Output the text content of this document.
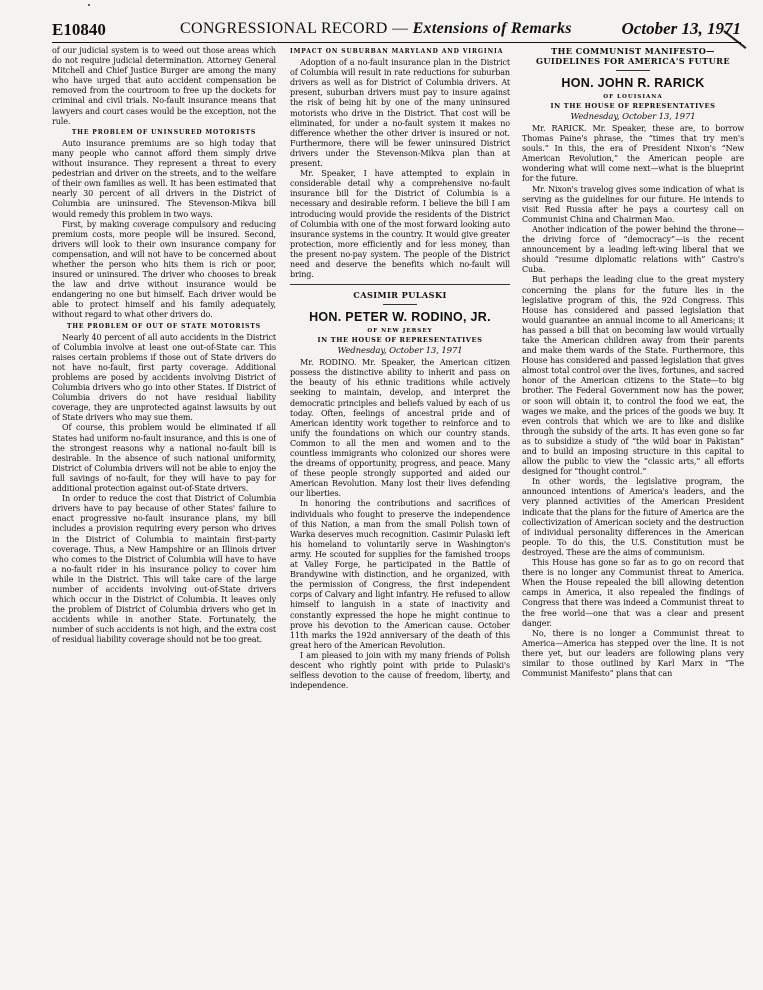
E10840	CONGRESSIONAL RECORD — Extensions of Remarks	October 13, 1971

of our judicial system is to weed out those areas which do not require judicial determination. Attorney General Mitchell and Chief Justice Burger are among the many who have urged that auto accident compensation be removed from the courtroom to free up the dockets for criminal and civil trials. No-fault insurance means that lawyers and court cases would be the exception, not the rule.

THE PROBLEM OF UNINSURED MOTORISTS

Auto insurance premiums are so high today that many people who cannot afford them simply drive without insurance. They represent a threat to every pedestrian and driver on the streets, and to the welfare of their own families as well. It has been estimated that nearly 30 percent of all drivers in the District of Columbia are uninsured. The Stevenson-Mikva bill would remedy this problem in two ways.

First, by making coverage compulsory and reducing premium costs, more people will be insured. Second, drivers will look to their own insurance company for compensation, and will not have to be concerned about whether the person who hits them is rich or poor, insured or uninsured. The driver who chooses to break the law and drive without insurance would be endangering no one but himself. Each driver would be able to protect himself and his family adequately, without regard to what other drivers do.

THE PROBLEM OF OUT OF STATE MOTORISTS

Nearly 40 percent of all auto accidents in the District of Columbia involve at least one out-of-State car. This raises certain problems if those out of State drivers do not have no-fault, first party coverage. Additional problems are posed by accidents involving District of Columbia drivers who go into other States. If District of Columbia drivers do not have residual liability coverage, they are unprotected against lawsuits by out of State drivers who may sue them.

Of course, this problem would be eliminated if all States had uniform no-fault insurance, and this is one of the strongest reasons why a national no-fault bill is desirable. In the absence of such national uniformity, District of Columbia drivers will not be able to enjoy the full savings of no-fault, for they will have to pay for additional protection against out-of-State drivers.

In order to reduce the cost that District of Columbia drivers have to pay because of other States' failure to enact progressive no-fault insurance plans, my bill includes a provision requiring every person who drives in the District of Columbia to maintain first-party coverage. Thus, a New Hampshire or an Illinois driver who comes to the District of Columbia will have to have a no-fault rider in his insurance policy to cover him while in the District. This will take care of the large number of accidents involving out-of-State drivers which occur in the District of Columbia. It leaves only the problem of District of Columbia drivers who get in accidents while in another State. Fortunately, the number of such accidents is not high, and the extra cost of residual liability coverage should not be too great.

IMPACT ON SUBURBAN MARYLAND AND VIRGINIA

Adoption of a no-fault insurance plan in the District of Columbia will result in rate reductions for suburban drivers as well as for District of Columbia drivers. At present, suburban drivers must pay to insure against the risk of being hit by one of the many uninsured motorists who drive in the District. That cost will be eliminated, for under a no-fault system it makes no difference whether the other driver is insured or not. Furthermore, there will be fewer uninsured District drivers under the Stevenson-Mikva plan than at present.

Mr. Speaker, I have attempted to explain in considerable detail why a comprehensive no-fault insurance bill for the District of Columbia is a necessary and desirable reform. I believe the bill I am introducing would provide the residents of the District of Columbia with one of the most forward looking auto insurance systems in the country. It would give greater protection, more efficiently and for less money, than the present no-pay system. The people of the District need and deserve the benefits which no-fault will bring.

CASIMIR PULASKI
HON. PETER W. RODINO, JR.
OF NEW JERSEY
IN THE HOUSE OF REPRESENTATIVES
Wednesday, October 13, 1971

Mr. RODINO. Mr. Speaker, the American citizen possess the distinctive ability to inherit and pass on the beauty of his ethnic traditions while actively seeking to maintain, develop, and interpret the democratic principles and beliefs valued by each of us today. Often, feelings of ancestral pride and of American identity work together to reinforce and to unify the foundations on which our country stands. Common to all the men and women and to the countless immigrants who colonized our shores were the dreams of opportunity, progress, and peace. Many of these people strongly supported and aided our American Revolution. Many lost their lives defending our liberties.

In honoring the contributions and sacrifices of individuals who fought to preserve the independence of this Nation, a man from the small Polish town of Warka deserves much recognition. Casimir Pulaski left his homeland to voluntarily serve in Washington's army. He scouted for supplies for the famished troops at Valley Forge, he participated in the Battle of Brandywine with distinction, and he organized, with the permission of Congress, the first independent corps of Calvary and light infantry. He refused to allow himself to languish in a state of inactivity and constantly expressed the hope he might continue to prove his devotion to the American cause. October 11th marks the 192d anniversary of the death of this great hero of the American Revolution.

I am pleased to join with my many friends of Polish descent who rightly point with pride to Pulaski's selfless devotion to the cause of freedom, liberty, and independence.

THE COMMUNIST MANIFESTO— GUIDELINES FOR AMERICA'S FUTURE
HON. JOHN R. RARICK
OF LOUISIANA
IN THE HOUSE OF REPRESENTATIVES
Wednesday, October 13, 1971

Mr. RARICK. Mr. Speaker, these are, to borrow Thomas Paine's phrase, the “times that try men's souls.” In this, the era of President Nixon's “New American Revolution,” the American people are wondering what will come next—what is the blueprint for the future.

Mr. Nixon's travelog gives some indication of what is serving as the guidelines for our future. He intends to visit Red Russia after he pays a courtesy call on Communist China and Chairman Mao.

Another indication of the power behind the throne—the driving force of “democracy”—is the recent announcement by a leading left-wing liberal that we should “resume diplomatic relations with” Castro's Cuba.

But perhaps the leading clue to the great mystery concerning the plans for the future lies in the legislative program of this, the 92d Congress. This House has considered and passed legislation that would guarantee an annual income to all Americans; it has passed a bill that on becoming law would virtually take the American children away from their parents and make them wards of the State. Furthermore, this House has considered and passed legislation that gives almost total control over the lives, fortunes, and sacred honor of the American citizens to the State—to big brother. The Federal Government now has the power, or soon will obtain it, to control the food we eat, the wages we make, and the prices of the goods we buy. It even controls that which we are to like and dislike through the subsidy of the arts. It has even gone so far as to subsidize a study of “the wild boar in Pakistan” and to build an imposing structure in this capital to allow the public to view the “classic arts,” all efforts designed for “thought control.”

In other words, the legislative program, the announced intentions of America's leaders, and the very planned activities of the American President indicate that the plans for the future of America are the collectivization of American society and the destruction of individual personality differences in the American people. To do this, the U.S. Constitution must be destroyed. These are the aims of communism.

This House has gone so far as to go on record that there is no longer any Communist threat to America. When the House repealed the bill allowing detention camps in America, it also repealed the findings of Congress that there was indeed a Communist threat to the free world—one that was a clear and present danger.

No, there is no longer a Communist threat to America—America has stepped over the line. It is not there yet, but our leaders are following plans very similar to those outlined by Karl Marx in “The Communist Manifesto” plans that can
